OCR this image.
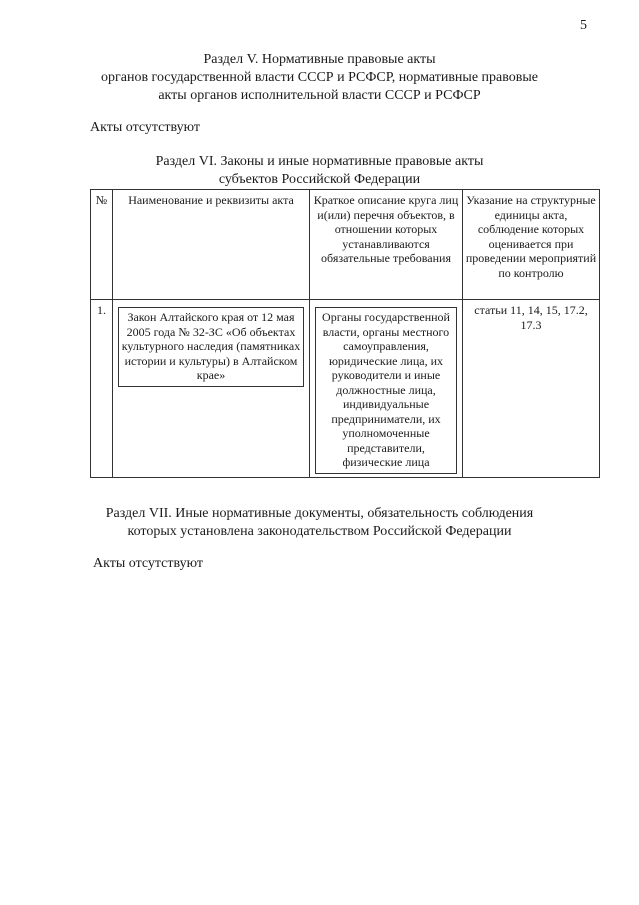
5
Раздел V. Нормативные правовые акты
органов государственной власти СССР и РСФСР, нормативные правовые
акты органов исполнительной власти СССР и РСФСР
Акты отсутствуют
Раздел VI. Законы и иные нормативные правовые акты
субъектов Российской Федерации
№	Наименование и реквизиты акта	Краткое описание круга лиц и(или) перечня объектов, в отношении которых устанавливаются обязательные требования	Указание на структурные единицы акта, соблюдение которых оценивается при проведении мероприятий по контролю
1.	Закон Алтайского края от 12 мая 2005 года № 32-ЗС «Об объектах культурного наследия (памятниках истории и культуры) в Алтайском крае»	Органы государственной власти, органы местного самоуправления, юридические лица, их руководители и иные должностные лица, индивидуальные предприниматели, их уполномоченные представители, физические лица	статьи 11, 14, 15, 17.2, 17.3
Раздел VII. Иные нормативные документы, обязательность соблюдения
которых установлена законодательством Российской Федерации
Акты отсутствуют
